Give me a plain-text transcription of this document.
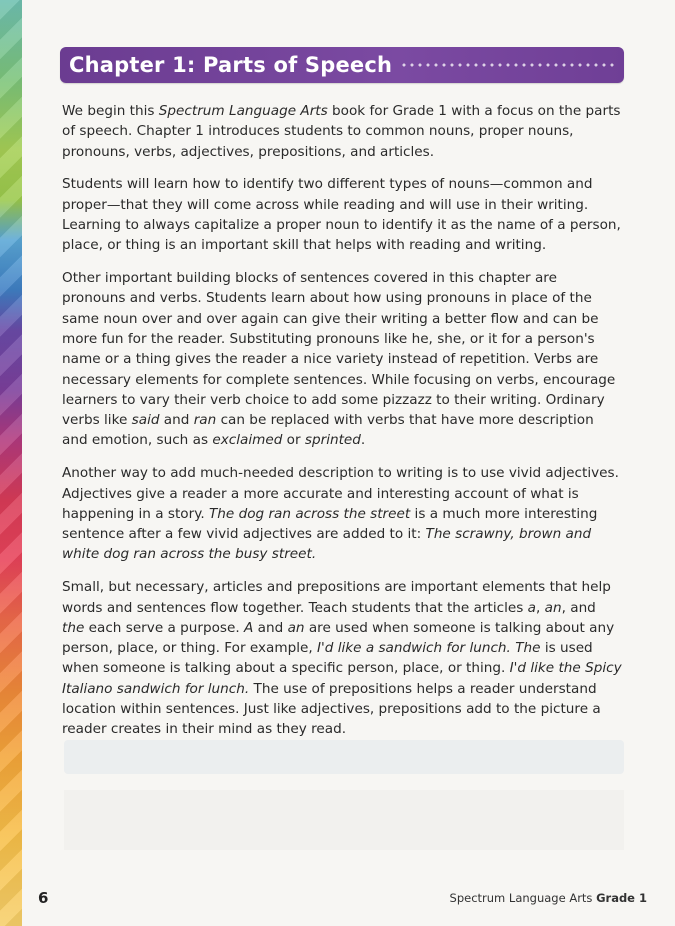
Chapter 1: Parts of Speech

We begin this Spectrum Language Arts book for Grade 1 with a focus on the parts of speech. Chapter 1 introduces students to common nouns, proper nouns, pronouns, verbs, adjectives, prepositions, and articles.

Students will learn how to identify two different types of nouns—common and proper—that they will come across while reading and will use in their writing. Learning to always capitalize a proper noun to identify it as the name of a person, place, or thing is an important skill that helps with reading and writing.

Other important building blocks of sentences covered in this chapter are pronouns and verbs. Students learn about how using pronouns in place of the same noun over and over again can give their writing a better flow and can be more fun for the reader. Substituting pronouns like he, she, or it for a person's name or a thing gives the reader a nice variety instead of repetition. Verbs are necessary elements for complete sentences. While focusing on verbs, encourage learners to vary their verb choice to add some pizzazz to their writing. Ordinary verbs like said and ran can be replaced with verbs that have more description and emotion, such as exclaimed or sprinted.

Another way to add much-needed description to writing is to use vivid adjectives. Adjectives give a reader a more accurate and interesting account of what is happening in a story. The dog ran across the street is a much more interesting sentence after a few vivid adjectives are added to it: The scrawny, brown and white dog ran across the busy street.

Small, but necessary, articles and prepositions are important elements that help words and sentences flow together. Teach students that the articles a, an, and the each serve a purpose. A and an are used when someone is talking about any person, place, or thing. For example, I'd like a sandwich for lunch. The is used when someone is talking about a specific person, place, or thing. I'd like the Spicy Italiano sandwich for lunch. The use of prepositions helps a reader understand location within sentences. Just like adjectives, prepositions add to the picture a reader creates in their mind as they read.

6	Spectrum Language Arts Grade 1
